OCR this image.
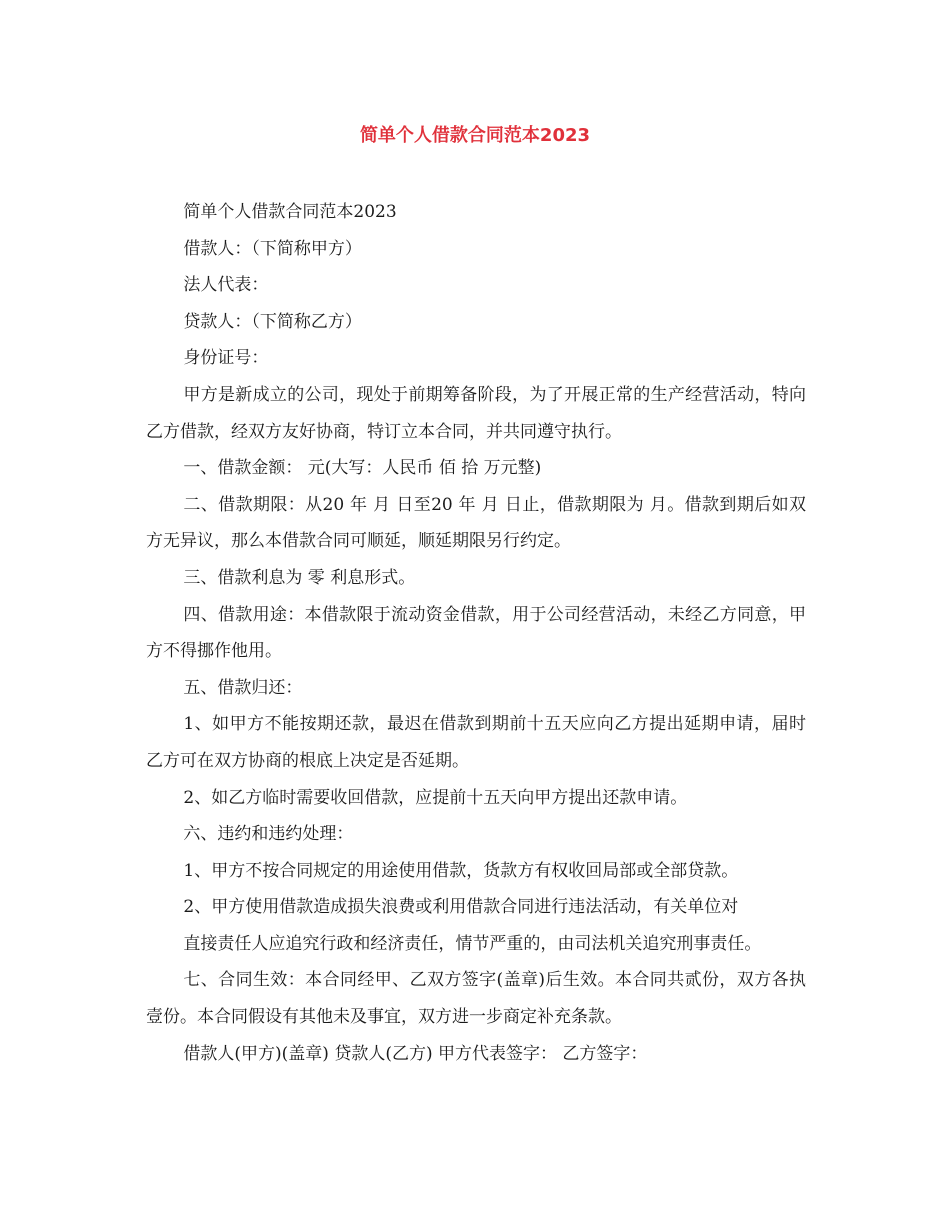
简单个人借款合同范本2023

简单个人借款合同范本2023

借款人：（下简称甲方）

法人代表：

贷款人：（下简称乙方）

身份证号：

甲方是新成立的公司，现处于前期筹备阶段，为了开展正常的生产经营活动，特向乙方借款，经双方友好协商，特订立本合同，并共同遵守执行。

一、借款金额： 元(大写：人民币 佰 拾 万元整)

二、借款期限：从20 年 月 日至20 年 月 日止，借款期限为 月。借款到期后如双方无异议，那么本借款合同可顺延，顺延期限另行约定。

三、借款利息为 零 利息形式。

四、借款用途：本借款限于流动资金借款，用于公司经营活动，未经乙方同意，甲方不得挪作他用。

五、借款归还：

1、如甲方不能按期还款，最迟在借款到期前十五天应向乙方提出延期申请，届时乙方可在双方协商的根底上决定是否延期。

2、如乙方临时需要收回借款，应提前十五天向甲方提出还款申请。

六、违约和违约处理：

1、甲方不按合同规定的用途使用借款，货款方有权收回局部或全部贷款。

2、甲方使用借款造成损失浪费或利用借款合同进行违法活动，有关单位对

直接责任人应追究行政和经济责任，情节严重的，由司法机关追究刑事责任。

七、合同生效：本合同经甲、乙双方签字(盖章)后生效。本合同共贰份，双方各执壹份。本合同假设有其他未及事宜，双方进一步商定补充条款。

借款人(甲方)(盖章) 贷款人(乙方) 甲方代表签字： 乙方签字：
